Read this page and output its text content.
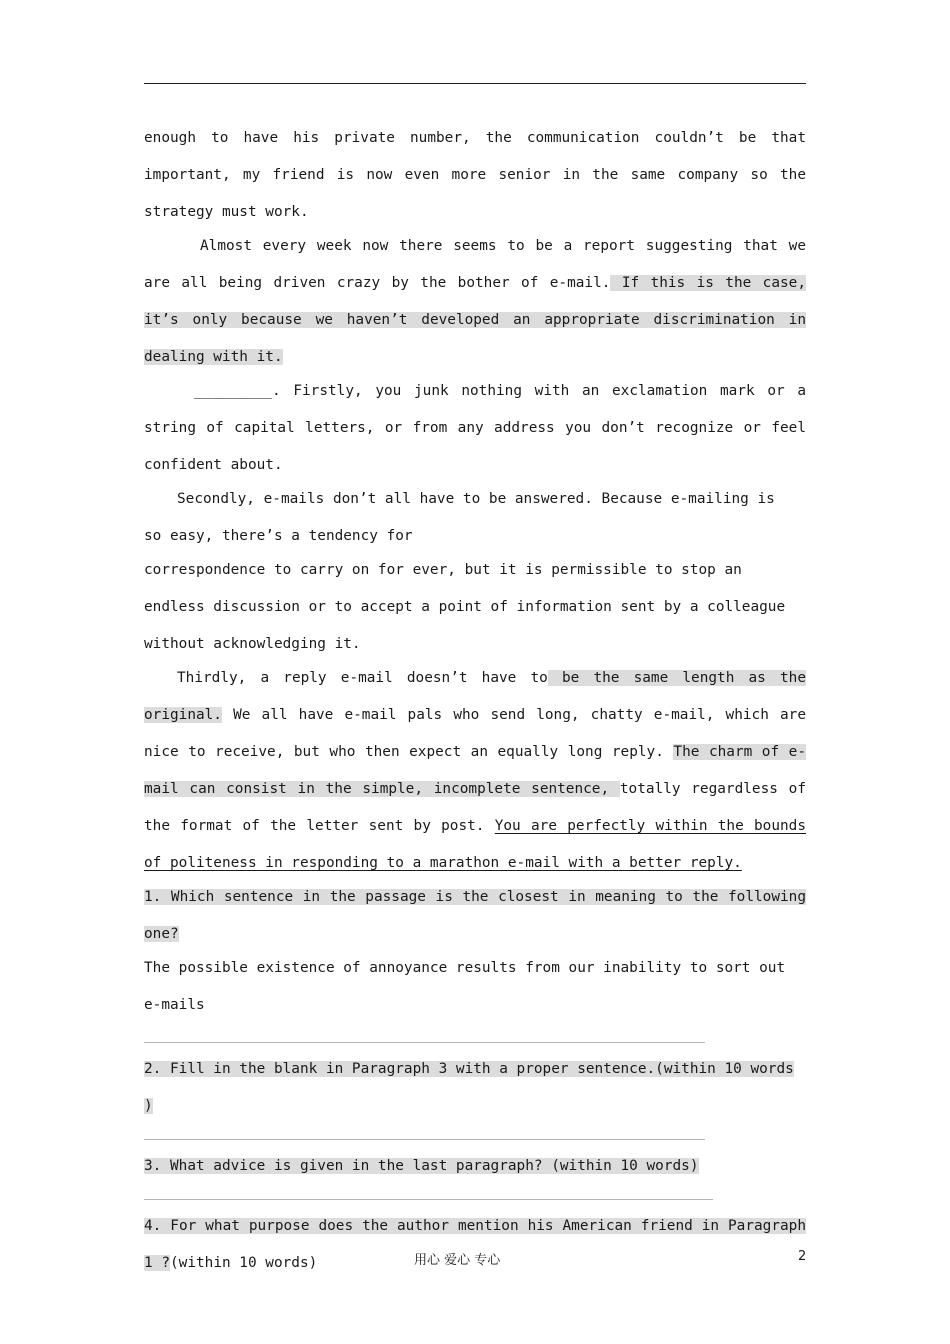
enough to have his private number, the communication couldn’t be that important, my friend is now even more senior in the same company so the strategy must work.

Almost every week now there seems to be a report suggesting that we are all being driven crazy by the bother of e-mail. If this is the case, it’s only because we haven’t developed an appropriate discrimination in dealing with it.

_________. Firstly, you junk nothing with an exclamation mark or a string of capital letters, or from any address you don’t recognize or feel confident about.

Secondly, e-mails don’t all have to be answered. Because e-mailing is so easy, there’s a tendency for

correspondence to carry on for ever, but it is permissible to stop an endless discussion or to accept a point of information sent by a colleague without acknowledging it.

Thirdly, a reply e-mail doesn’t have to be the same length as the original. We all have e-mail pals who send long, chatty e-mail, which are nice to receive, but who then expect an equally long reply. The charm of e-mail can consist in the simple, incomplete sentence, totally regardless of the format of the letter sent by post. You are perfectly within the bounds of politeness in responding to a marathon e-mail with a better reply.

1. Which sentence in the passage is the closest in meaning to the following one?

The possible existence of annoyance results from our inability to sort out e-mails

2. Fill in the blank in Paragraph 3 with a proper sentence.(within 10 words )

3. What advice is given in the last paragraph? (within 10 words)

4. For what purpose does the author mention his American friend in Paragraph 1 ?(within 10 words)	用心 爱心 专心	2
